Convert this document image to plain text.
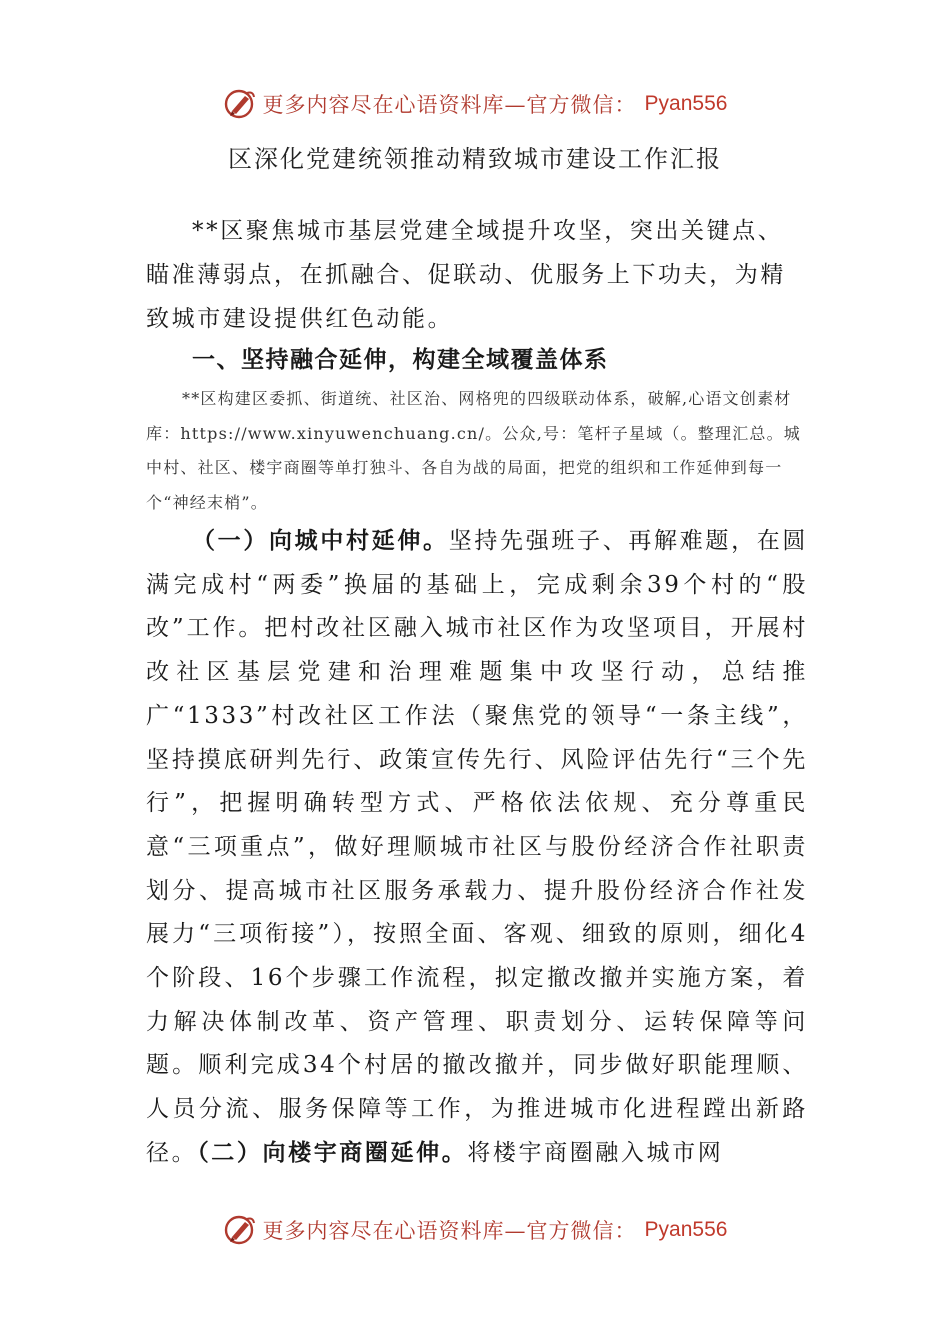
更多内容尽在心语资料库—官方微信： Pyan556
区深化党建统领推动精致城市建设工作汇报

**区聚焦城市基层党建全域提升攻坚，突出关键点、瞄准薄弱点，在抓融合、促联动、优服务上下功夫，为精致城市建设提供红色动能。

一、坚持融合延伸，构建全域覆盖体系

**区构建区委抓、街道统、社区治、网格兜的四级联动体系，破解,心语文创素材库：https://www.xinyuwenchuang.cn/。公众,号：笔杆子星域（。整理汇总。城中村、社区、楼宇商圈等单打独斗、各自为战的局面，把党的组织和工作延伸到每一个“神经末梢”。

（一）向城中村延伸。坚持先强班子、再解难题，在圆满完成村“两委”换届的基础上，完成剩余39个村的“股改”工作。把村改社区融入城市社区作为攻坚项目，开展村改社区基层党建和治理难题集中攻坚行动，总结推广“1333”村改社区工作法（聚焦党的领导“一条主线”，坚持摸底研判先行、政策宣传先行、风险评估先行“三个先行”，把握明确转型方式、严格依法依规、充分尊重民意“三项重点”，做好理顺城市社区与股份经济合作社职责划分、提高城市社区服务承载力、提升股份经济合作社发展力“三项衔接”），按照全面、客观、细致的原则，细化4个阶段、16个步骤工作流程，拟定撤改撤并实施方案，着力解决体制改革、资产管理、职责划分、运转保障等问题。顺利完成34个村居的撤改撤并，同步做好职能理顺、人员分流、服务保障等工作，为推进城市化进程蹚出新路径。（二）向楼宇商圈延伸。将楼宇商圈融入城市网

更多内容尽在心语资料库—官方微信： Pyan556
